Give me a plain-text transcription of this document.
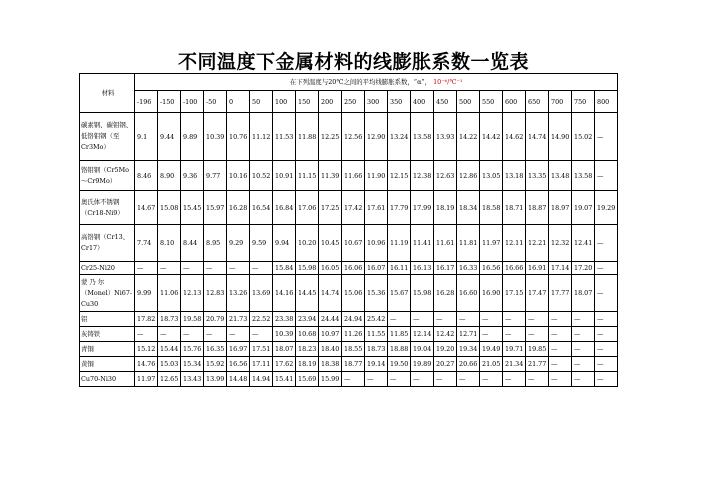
不同温度下金属材料的线膨胀系数一览表
材料	在下列温度与20℃之间的平均线膨胀系数，“α”， 10⁻⁶/℃⁻¹																				
	-196	-150	-100	-50	0	50	100	150	200	250	300	350	400	450	500	550	600	650	700	750	800
碳素钢、碳钼钢、低铬钼钢（至Cr3Mo）	9.1	9.44	9.89	10.39	10.76	11.12	11.53	11.88	12.25	12.56	12.90	13.24	13.58	13.93	14.22	14.42	14.62	14.74	14.90	15.02	—
铬钼钢（Cr5Mo～Cr9Mo）	8.46	8.90	9.36	9.77	10.16	10.52	10.91	11.15	11.39	11.66	11.90	12.15	12.38	12.63	12.86	13.05	13.18	13.35	13.48	13.58	—
奥氏体不锈钢（Cr18-Ni9）	14.67	15.08	15.45	15.97	16.28	16.54	16.84	17.06	17.25	17.42	17.61	17.79	17.99	18.19	18.34	18.58	18.71	18.87	18.97	19.07	19.29
高铬钢（Cr13、Cr17）	7.74	8.10	8.44	8.95	9.29	9.59	9.94	10.20	10.45	10.67	10.96	11.19	11.41	11.61	11.81	11.97	12.11	12.21	12.32	12.41	—
Cr25-Ni20	—	—	—	—	—	—	15.84	15.98	16.05	16.06	16.07	16.11	16.13	16.17	16.33	16.56	16.66	16.91	17.14	17.20	—
蒙 乃 尔（Monel）Ni67-Cu30	9.99	11.06	12.13	12.83	13.26	13.69	14.16	14.45	14.74	15.06	15.36	15.67	15.98	16.28	16.60	16.90	17.15	17.47	17.77	18.07	—
铝	17.82	18.73	19.58	20.79	21.73	22.52	23.38	23.94	24.44	24.94	25.42	—	—	—	—	—	—	—	—	—	—
灰铸铁	—	—	—	—	—	—	10.39	10.68	10.97	11.26	11.55	11.85	12.14	12.42	12.71	—	—	—	—	—	—
青铜	15.12	15.44	15.76	16.35	16.97	17.51	18.07	18.23	18.40	18.55	18.73	18.88	19.04	19.20	19.34	19.49	19.71	19.85	—	—	—
黄铜	14.76	15.03	15.34	15.92	16.56	17.11	17.62	18.19	18.38	18.77	19.14	19.50	19.89	20.27	20.66	21.05	21.34	21.77	—	—	—
Cu70-Ni30	11.97	12.65	13.43	13.99	14.48	14.94	15.41	15.69	15.99	—	—	—	—	—	—	—	—	—	—	—	—
